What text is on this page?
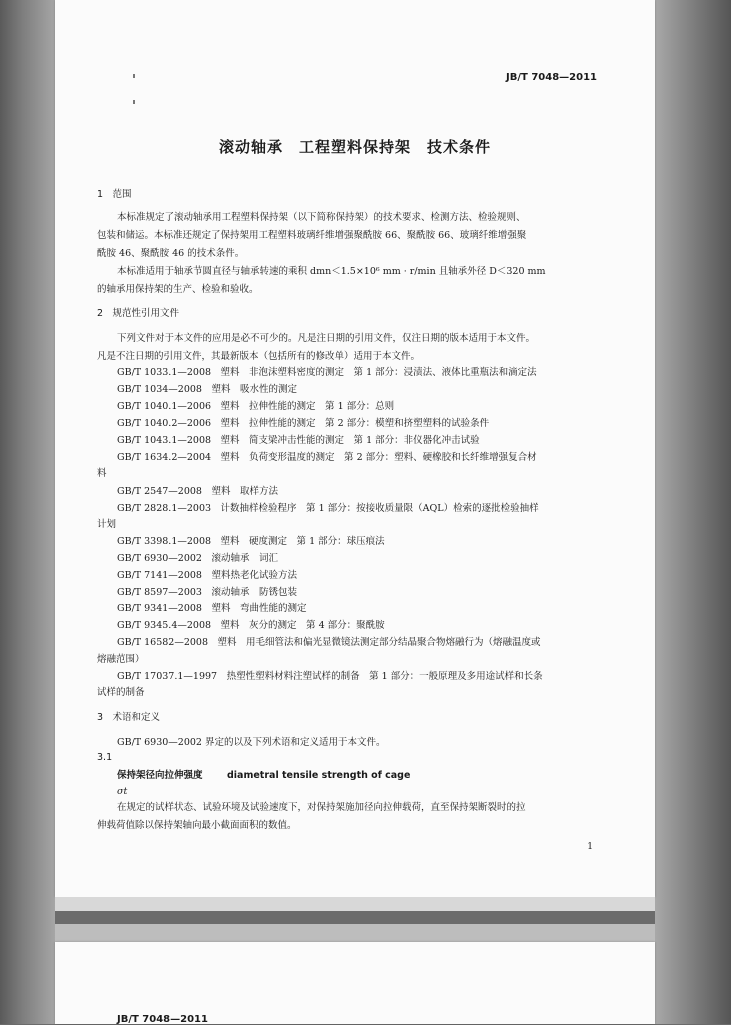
JB/T 7048—2011
滚动轴承　工程塑料保持架　技术条件
1　范围
本标准规定了滚动轴承用工程塑料保持架（以下简称保持架）的技术要求、检测方法、检验规则、
包装和储运。本标准还规定了保持架用工程塑料玻璃纤维增强聚酰胺 66、聚酰胺 66、玻璃纤维增强聚
酰胺 46、聚酰胺 46 的技术条件。
本标准适用于轴承节圆直径与轴承转速的乘积 dmn＜1.5×10⁶ mm · r/min 且轴承外径 D＜320 mm
的轴承用保持架的生产、检验和验收。
2　规范性引用文件
下列文件对于本文件的应用是必不可少的。凡是注日期的引用文件，仅注日期的版本适用于本文件。
凡是不注日期的引用文件，其最新版本（包括所有的修改单）适用于本文件。
GB/T 1033.1—2008　塑料　非泡沫塑料密度的测定　第 1 部分：浸渍法、液体比重瓶法和滴定法
GB/T 1034—2008　塑料　吸水性的测定
GB/T 1040.1—2006　塑料　拉伸性能的测定　第 1 部分：总则
GB/T 1040.2—2006　塑料　拉伸性能的测定　第 2 部分：模塑和挤塑塑料的试验条件
GB/T 1043.1—2008　塑料　简支梁冲击性能的测定　第 1 部分：非仪器化冲击试验
GB/T 1634.2—2004　塑料　负荷变形温度的测定　第 2 部分：塑料、硬橡胶和长纤维增强复合材
料
GB/T 2547—2008　塑料　取样方法
GB/T 2828.1—2003　计数抽样检验程序　第 1 部分：按接收质量限（AQL）检索的逐批检验抽样
计划
GB/T 3398.1—2008　塑料　硬度测定　第 1 部分：球压痕法
GB/T 6930—2002　滚动轴承　词汇
GB/T 7141—2008　塑料热老化试验方法
GB/T 8597—2003　滚动轴承　防锈包装
GB/T 9341—2008　塑料　弯曲性能的测定
GB/T 9345.4—2008　塑料　灰分的测定　第 4 部分：聚酰胺
GB/T 16582—2008　塑料　用毛细管法和偏光显微镜法测定部分结晶聚合物熔融行为（熔融温度或
熔融范围）
GB/T 17037.1—1997　热塑性塑料材料注塑试样的制备　第 1 部分：一般原理及多用途试样和长条
试样的制备
3　术语和定义
GB/T 6930—2002 界定的以及下列术语和定义适用于本文件。
3.1
保持架径向拉伸强度	diametral tensile strength of cage
σt
在规定的试样状态、试验环境及试验速度下，对保持架施加径向拉伸载荷，直至保持架断裂时的拉
伸载荷值除以保持架轴向最小截面面积的数值。
1
JB/T 7048—2011
